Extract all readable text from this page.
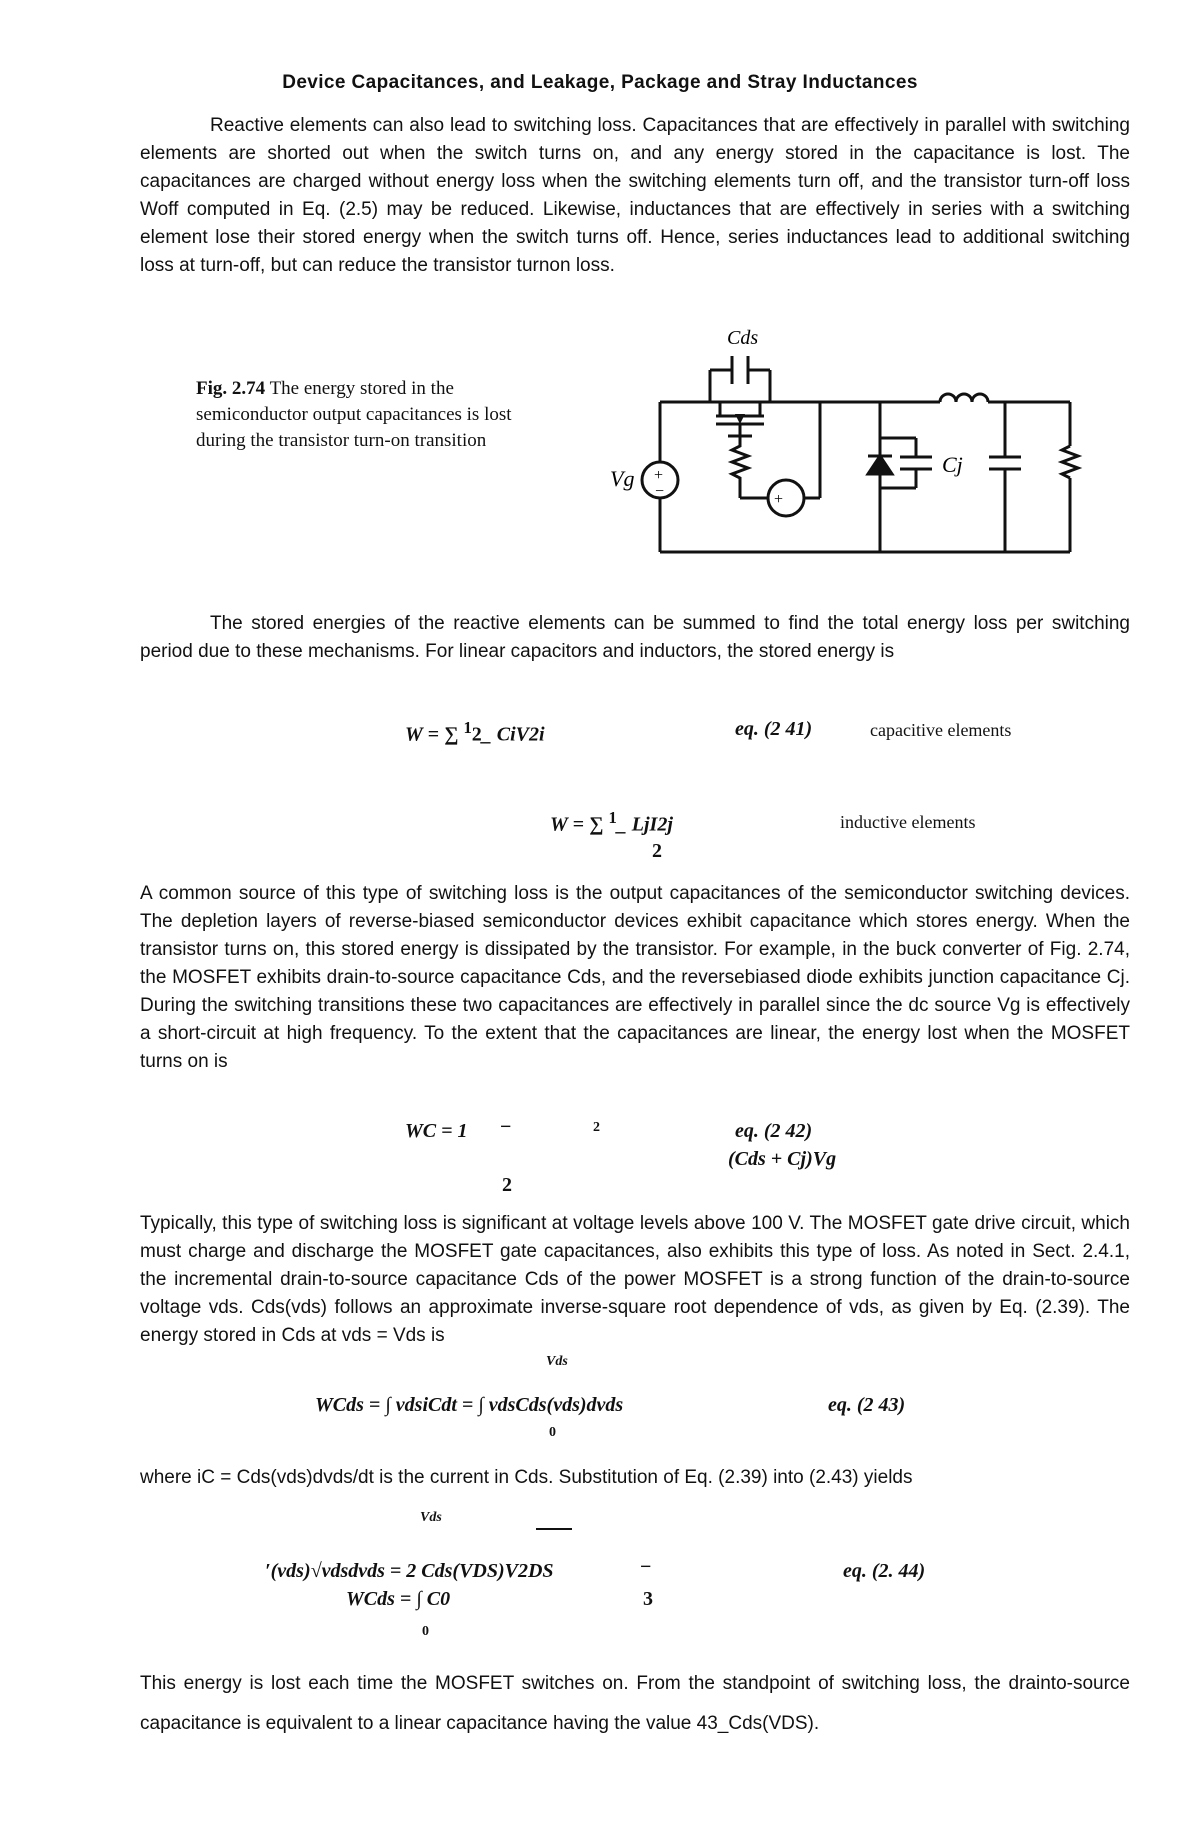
Device Capacitances, and Leakage, Package and Stray Inductances
Reactive elements can also lead to switching loss. Capacitances that are effectively in parallel with switching elements are shorted out when the switch turns on, and any energy stored in the capacitance is lost. The capacitances are charged without energy loss when the switching elements turn off, and the transistor turn-off loss Woff computed in Eq. (2.5) may be reduced. Likewise, inductances that are effectively in series with a switching element lose their stored energy when the switch turns off. Hence, series inductances lead to additional switching loss at turn-off, but can reduce the transistor turnon loss.
Fig. 2.74 The energy stored in the semiconductor output capacitances is lost during the transistor turn-on transition
Cds
Vg
Cj
+
−	+
The stored energies of the reactive elements can be summed to find the total energy loss per switching period due to these mechanisms. For linear capacitors and inductors, the stored energy is
W = ∑ $^1$2_ CiV2i	eq. (2 41)	capacitive elements
W = ∑ $^1$_ LjI2j
2
inductive elements
A common source of this type of switching loss is the output capacitances of the semiconductor switching devices. The depletion layers of reverse-biased semiconductor devices exhibit capacitance which stores energy. When the transistor turns on, this stored energy is dissipated by the transistor. For example, in the buck converter of Fig. 2.74, the MOSFET exhibits drain-to-source capacitance Cds, and the reversebiased diode exhibits junction capacitance Cj. During the switching transitions these two capacitances are effectively in parallel since the dc source Vg is effectively a short-circuit at high frequency. To the extent that the capacitances are linear, the energy lost when the MOSFET turns on is
WC = 1 −	2	eq. (2 42)
(Cds + Cj)Vg
2
Typically, this type of switching loss is significant at voltage levels above 100 V. The MOSFET gate drive circuit, which must charge and discharge the MOSFET gate capacitances, also exhibits this type of loss. As noted in Sect. 2.4.1, the incremental drain-to-source capacitance Cds of the power MOSFET is a strong function of the drain-to-source voltage vds. Cds(vds) follows an approximate inverse-square root dependence of vds, as given by Eq. (2.39). The energy stored in Cds at vds = Vds is
Vds
WCds = ∫ vdsiCdt = ∫ vdsCds(vds)dvds	eq. (2 43)
0
where iC = Cds(vds)dvds/dt is the current in Cds. Substitution of Eq. (2.39) into (2.43) yields
Vds
′(vds)√vdsdvds = 2 Cds(VDS)V2DS	−	eq. (2. 44)
WCds = ∫ C0	3
0
This energy is lost each time the MOSFET switches on. From the standpoint of switching loss, the drainto-source capacitance is equivalent to a linear capacitance having the value 43_Cds(VDS).
